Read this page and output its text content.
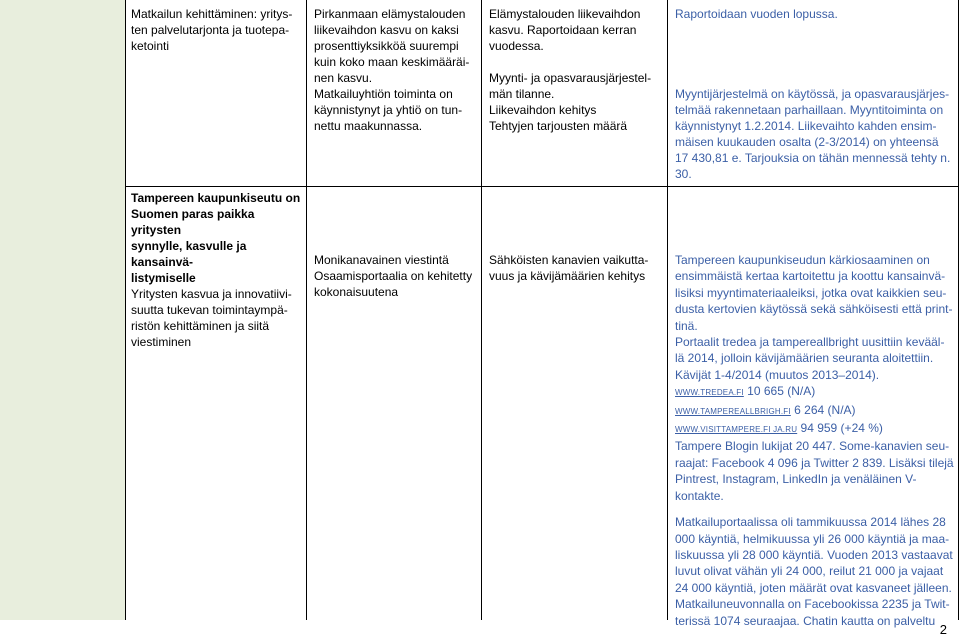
Matkailun kehittäminen: yritys-
ten palvelutarjonta ja tuotepa-
ketointi
Pirkanmaan elämystalouden
liikevaihdon kasvu on kaksi
prosenttiyksikköä suurempi
kuin koko maan keskimääräi-
nen kasvu.
Matkailuyhtiön toiminta on
käynnistynyt ja yhtiö on tun-
nettu maakunnassa.
Elämystalouden liikevaihdon
kasvu. Raportoidaan kerran
vuodessa.
Myynti- ja opasvarausjärjestel-
män tilanne.
Liikevaihdon kehitys
Tehtyjen tarjousten määrä
Raportoidaan vuoden lopussa.
Myyntijärjestelmä on käytössä, ja opasvarausjärjes-
telmää rakennetaan parhaillaan. Myyntitoiminta on
käynnistynyt 1.2.2014. Liikevaihto kahden ensim-
mäisen kuukauden osalta (2-3/2014) on yhteensä
17 430,81 e. Tarjouksia on tähän mennessä tehty n.
30.
Tampereen kaupunkiseutu on
Suomen paras paikka yritysten
synnylle, kasvulle ja kansainvä-
listymiselle
Yritysten kasvua ja innovatiivi-
suutta tukevan toimintaympä-
ristön kehittäminen ja siitä
viestiminen
Monikanavainen viestintä
Osaamisportaalia on kehitetty
kokonaisuutena
Sähköisten kanavien vaikutta-
vuus ja kävijämäärien kehitys
Tampereen kaupunkiseudun kärkiosaaminen on
ensimmäistä kertaa kartoitettu ja koottu kansainvä-
lisiksi myyntimateriaaleiksi, jotka ovat kaikkien seu-
dusta kertovien käytössä sekä sähköisesti että print-
tinä.
Portaalit tredea ja tampereallbright uusittiin kevääl-
lä 2014, jolloin kävijämäärien seuranta aloitettiin.
Kävijät 1-4/2014 (muutos 2013–2014).
WWW.TREDEA.FI 10 665 (N/A)
WWW.TAMPEREALLBRIGH.FI 6 264 (N/A)
WWW.VISITTAMPERE.FI JA.RU 94 959 (+24 %)
Tampere Blogin lukijat 20 447. Some-kanavien seu-
raajat: Facebook 4 096 ja Twitter 2 839. Lisäksi tilejä
Pintrest, Instagram, LinkedIn ja venäläinen V-
kontakte.
Matkailuportaalissa oli tammikuussa 2014 lähes 28
000 käyntiä, helmikuussa yli 26 000 käyntiä ja maa-
liskuussa yli 28 000 käyntiä. Vuoden 2013 vastaavat
luvut olivat vähän yli 24 000, reilut 21 000 ja vajaat
24 000 käyntiä, joten määrät ovat kasvaneet jälleen.
Matkailuneuvonnalla on Facebookissa 2235 ja Twit-
terissä 1074 seuraajaa. Chatin kautta on palveltu
2
